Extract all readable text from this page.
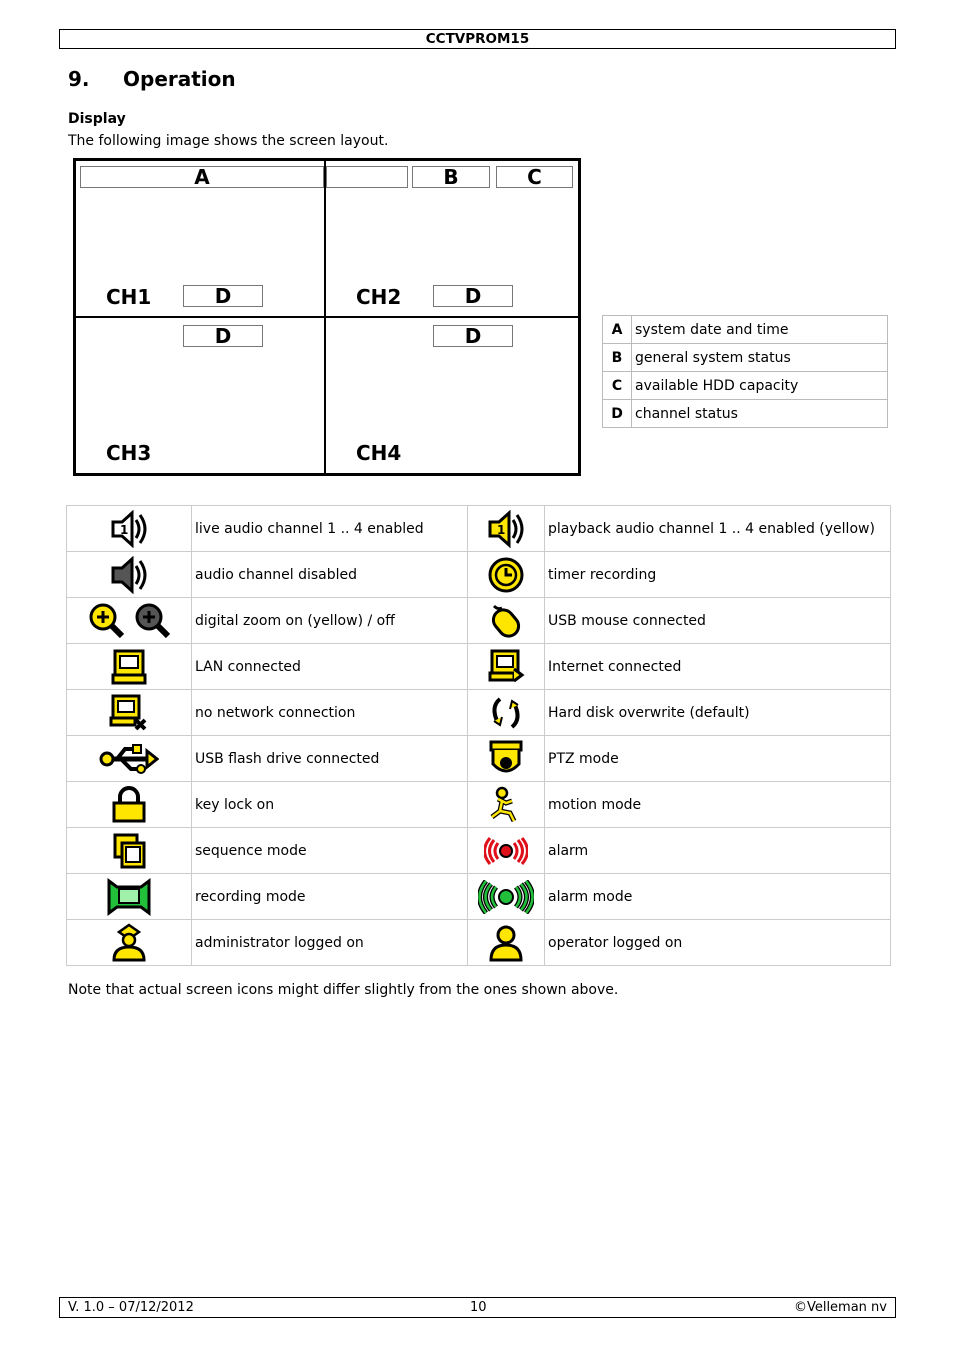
CCTVPROM15
9. Operation
Display
The following image shows the screen layout.
A
D
CH1
B	C
D
CH2
D
CH3
D
CH4
A	system date and time
B	general system status
C	available HDD capacity
D	channel status
1	live audio channel 1 .. 4 enabled	1	playback audio channel 1 .. 4 enabled (yellow)
	audio channel disabled		timer recording
	digital zoom on (yellow) / off		USB mouse connected
	LAN connected		Internet connected
	no network connection		Hard disk overwrite (default)
	USB flash drive connected		PTZ mode
	key lock on		motion mode
	sequence mode		alarm
	recording mode		alarm mode
	administrator logged on		operator logged on
Note that actual screen icons might differ slightly from the ones shown above.
V. 1.0 – 07/12/2012	10	©Velleman nv
